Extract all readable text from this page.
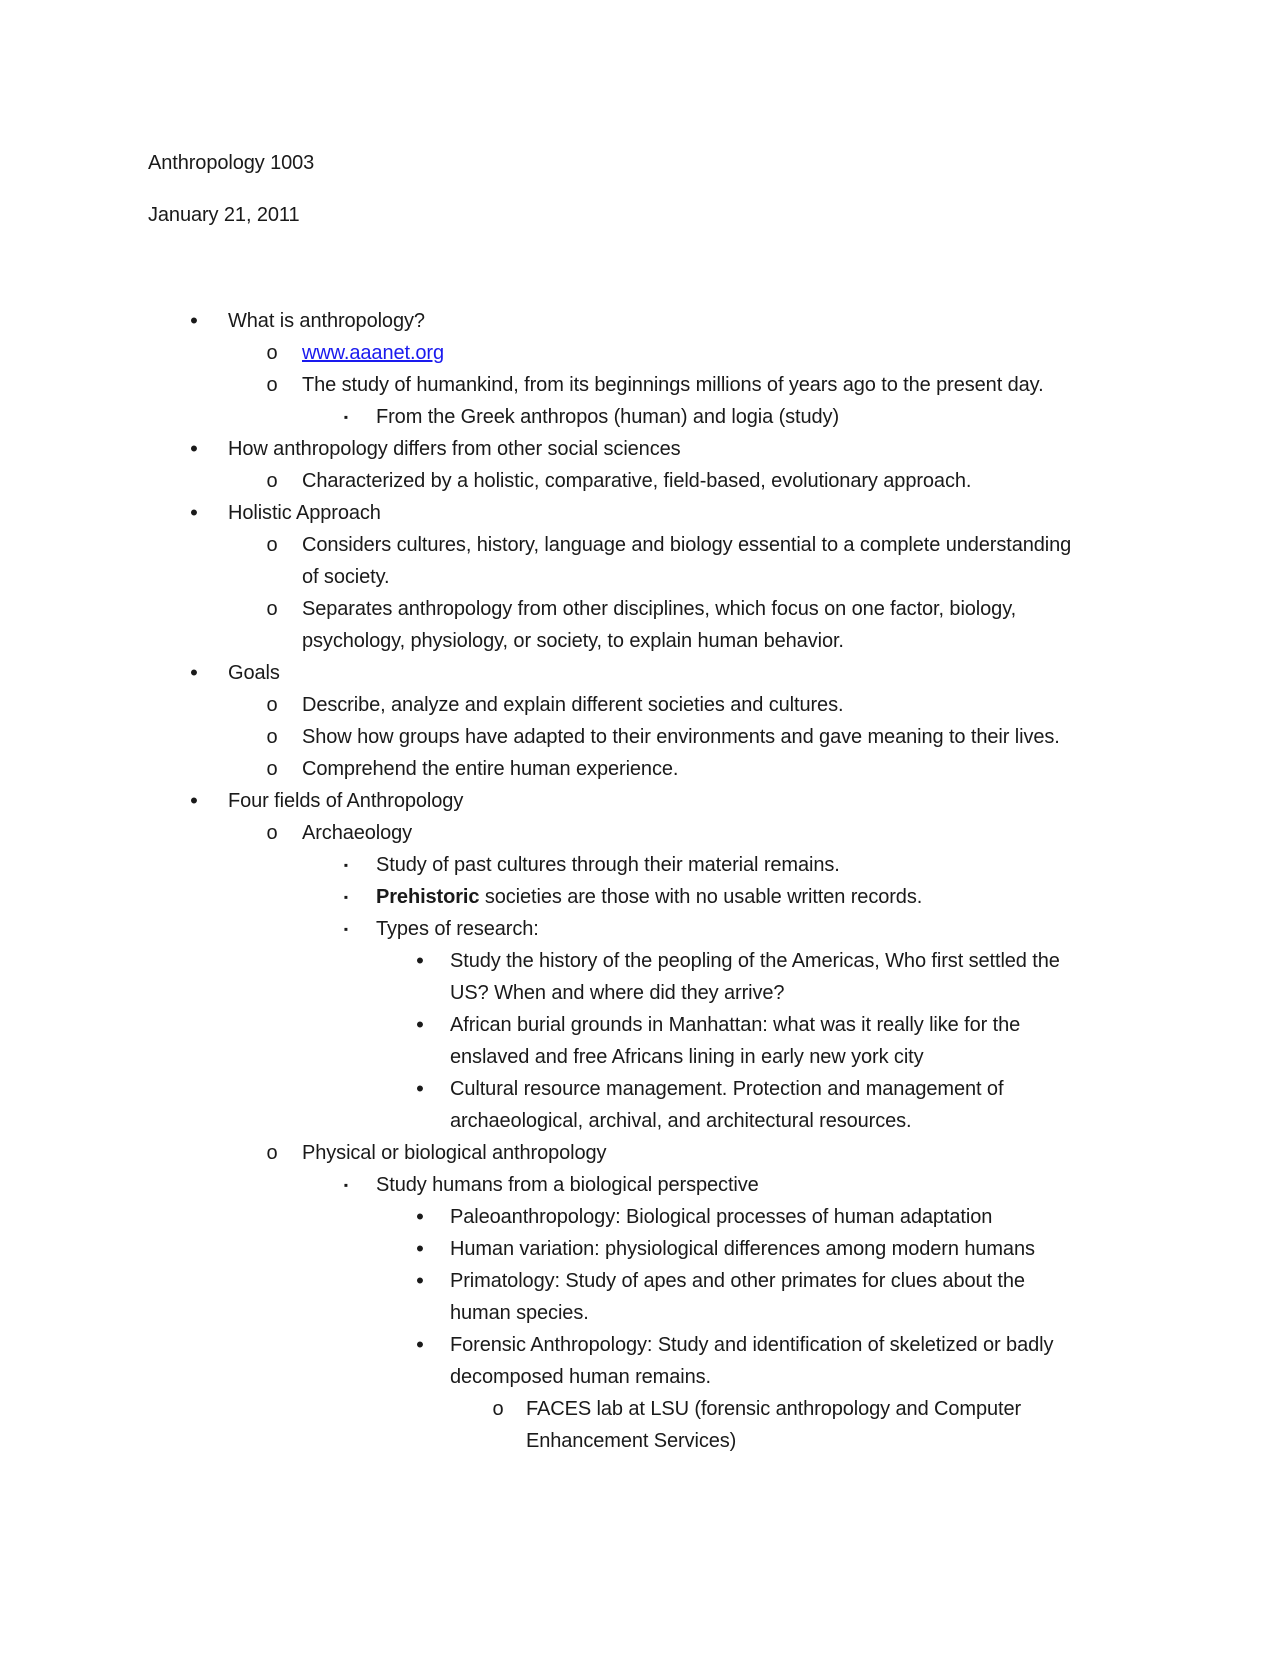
Anthropology 1003
January 21, 2011
•	What is anthropology?
o www.aaanet.org
o The study of humankind, from its beginnings millions of years ago to the present day.
▪	From the Greek anthropos (human) and logia (study)
•	How anthropology differs from other social sciences
o Characterized by a holistic, comparative, field-based, evolutionary approach.
•	Holistic Approach
o Considers cultures, history, language and biology essential to a complete understanding
of society.
o Separates anthropology from other disciplines, which focus on one factor, biology,
psychology, physiology, or society, to explain human behavior.
•	Goals
o Describe, analyze and explain different societies and cultures.
o Show how groups have adapted to their environments and gave meaning to their lives.
o Comprehend the entire human experience.
•	Four fields of Anthropology
o Archaeology
▪	Study of past cultures through their material remains.
▪	Prehistoric societies are those with no usable written records.
▪	Types of research:
•	Study the history of the peopling of the Americas, Who first settled the
US? When and where did they arrive?
•	African burial grounds in Manhattan: what was it really like for the
enslaved and free Africans lining in early new york city
•	Cultural resource management. Protection and management of
archaeological, archival, and architectural resources.
o Physical or biological anthropology
▪	Study humans from a biological perspective
•	Paleoanthropology: Biological processes of human adaptation
•	Human variation: physiological differences among modern humans
•	Primatology: Study of apes and other primates for clues about the
human species.
•	Forensic Anthropology: Study and identification of skeletized or badly
decomposed human remains.
o FACES lab at LSU (forensic anthropology and Computer
Enhancement Services)
